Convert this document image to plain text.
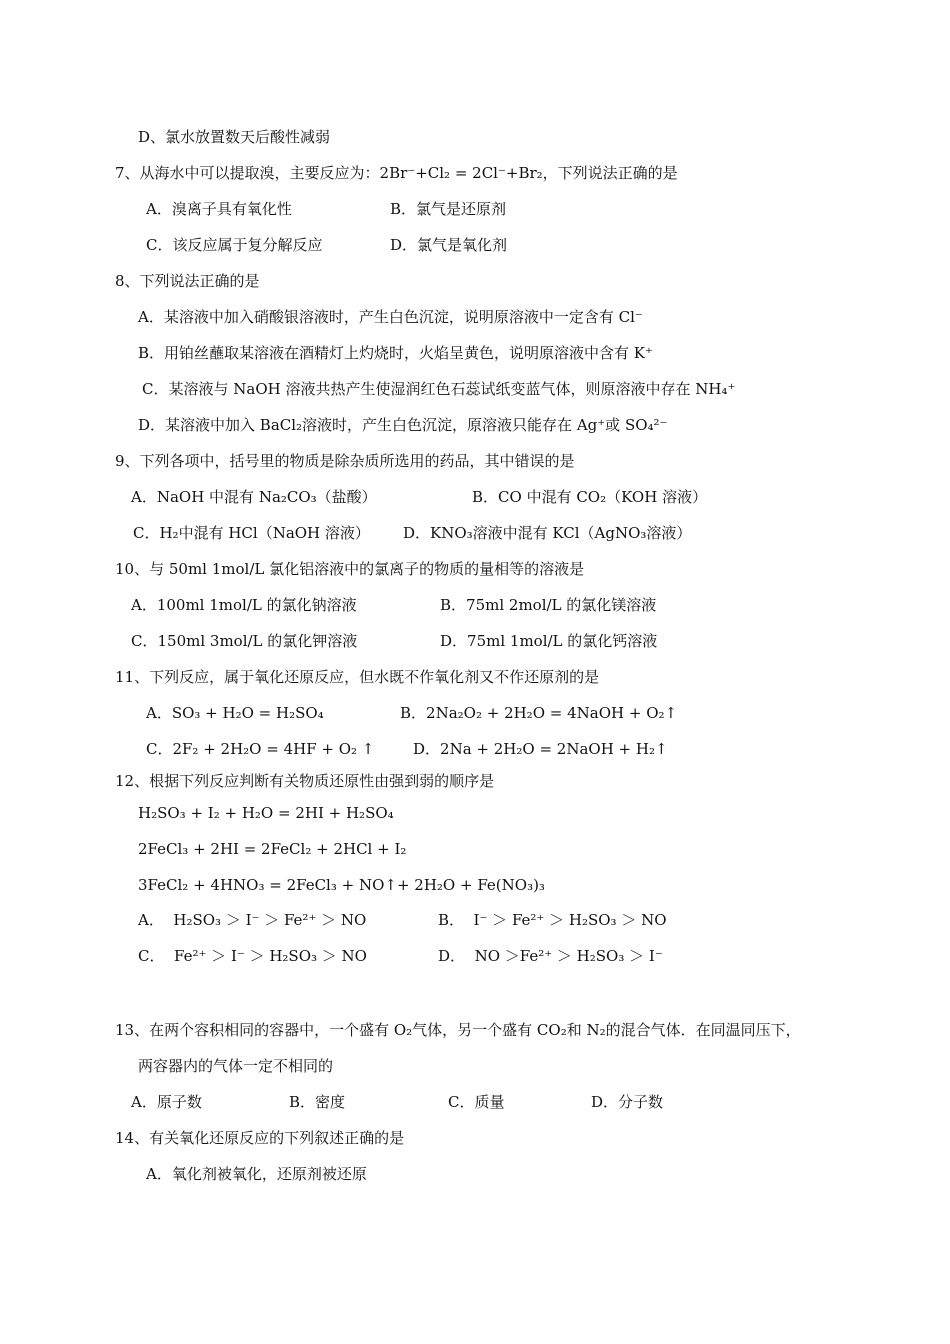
D、氯水放置数天后酸性减弱
7、从海水中可以提取溴，主要反应为：2Br⁻+Cl₂ = 2Cl⁻+Br₂，下列说法正确的是
A．溴离子具有氧化性	B．氯气是还原剂
C．该反应属于复分解反应	D．氯气是氧化剂
8、下列说法正确的是
A．某溶液中加入硝酸银溶液时，产生白色沉淀，说明原溶液中一定含有 Cl⁻
B．用铂丝蘸取某溶液在酒精灯上灼烧时，火焰呈黄色，说明原溶液中含有 K⁺
C．某溶液与 NaOH 溶液共热产生使湿润红色石蕊试纸变蓝气体，则原溶液中存在 NH₄⁺
D．某溶液中加入 BaCl₂溶液时，产生白色沉淀，原溶液只能存在 Ag⁺或 SO₄²⁻
9、下列各项中，括号里的物质是除杂质所选用的药品，其中错误的是
A．NaOH 中混有 Na₂CO₃（盐酸）	B．CO 中混有 CO₂（KOH 溶液）
C．H₂中混有 HCl（NaOH 溶液） D．KNO₃溶液中混有 KCl（AgNO₃溶液）
10、与 50ml 1mol/L 氯化铝溶液中的氯离子的物质的量相等的溶液是
A．100ml 1mol/L 的氯化钠溶液	B．75ml 2mol/L 的氯化镁溶液
C．150ml 3mol/L 的氯化钾溶液	D．75ml 1mol/L 的氯化钙溶液
11、下列反应，属于氧化还原反应，但水既不作氧化剂又不作还原剂的是
A．SO₃ + H₂O = H₂SO₄	B．2Na₂O₂ + 2H₂O = 4NaOH + O₂↑
C．2F₂ + 2H₂O = 4HF + O₂ ↑	D．2Na + 2H₂O = 2NaOH + H₂↑
12、根据下列反应判断有关物质还原性由强到弱的顺序是
H₂SO₃ + I₂ + H₂O = 2HI + H₂SO₄
2FeCl₃ + 2HI = 2FeCl₂ + 2HCl + I₂
3FeCl₂ + 4HNO₃ = 2FeCl₃ + NO↑+ 2H₂O + Fe(NO₃)₃
A．  H₂SO₃ ＞ I⁻ ＞ Fe²⁺ ＞ NO	B．  I⁻ ＞ Fe²⁺ ＞ H₂SO₃ ＞ NO
C．  Fe²⁺ ＞ I⁻ ＞ H₂SO₃ ＞ NO	D．  NO ＞Fe²⁺ ＞ H₂SO₃ ＞ I⁻
13、在两个容积相同的容器中，一个盛有 O₂气体，另一个盛有 CO₂和 N₂的混合气体．在同温同压下，
两容器内的气体一定不相同的
A．原子数	B．密度	C．质量	D．分子数
14、有关氧化还原反应的下列叙述正确的是
A．氧化剂被氧化，还原剂被还原
